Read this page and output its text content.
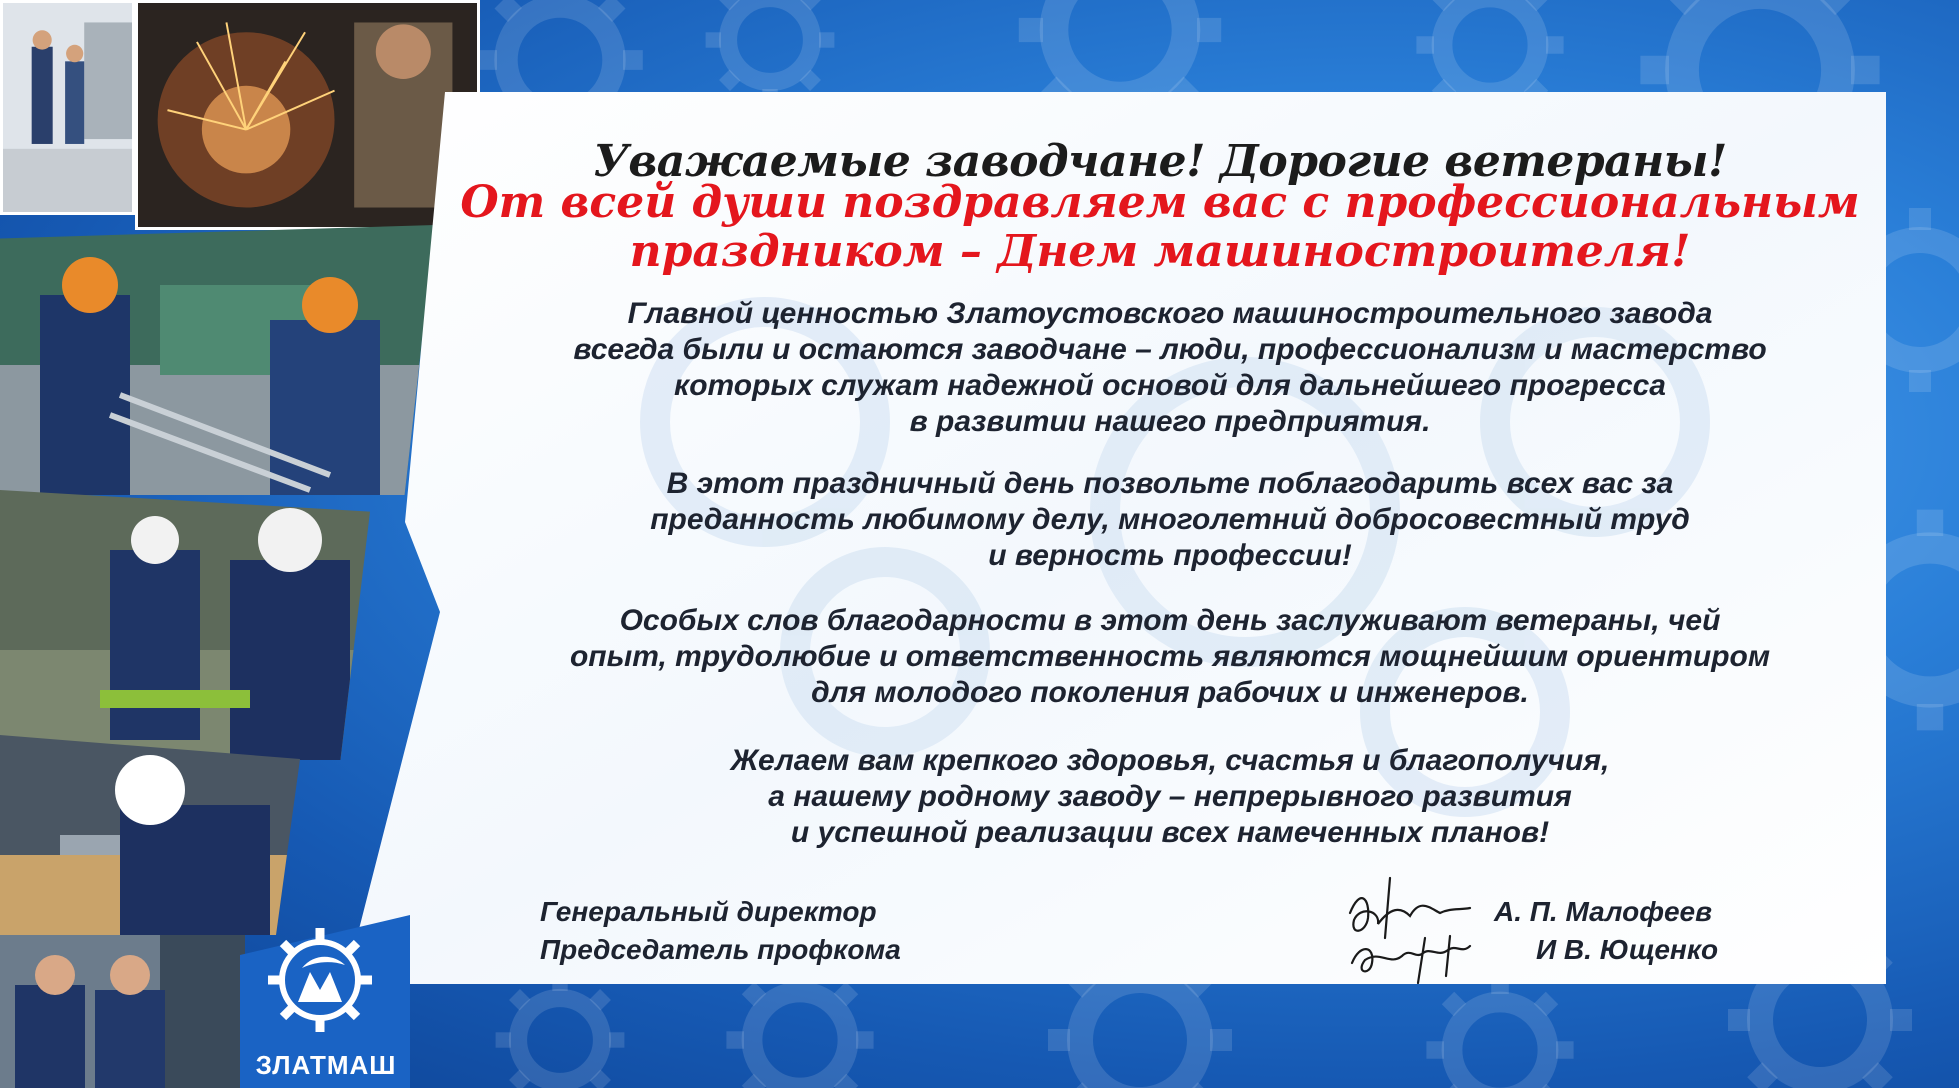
Уважаемые заводчане! Дорогие ветераны!
От всей души поздравляем вас с профессиональным
праздником – Днем машиностроителя!
Главной ценностью Златоустовского машиностроительного завода
всегда были и остаются заводчане – люди, профессионализм и мастерство
которых служат надежной основой для дальнейшего прогресса
в развитии нашего предприятия.
В этот праздничный день позвольте поблагодарить всех вас за
преданность любимому делу, многолетний добросовестный труд
и верность профессии!
Особых слов благодарности в этот день заслуживают ветераны, чей
опыт, трудолюбие и ответственность являются мощнейшим ориентиром
для молодого поколения рабочих и инженеров.
Желаем вам крепкого здоровья, счастья и благополучия,
а нашему родному заводу – непрерывного развития
и успешной реализации всех намеченных планов!
Генеральный директор
Председатель профкома
А. П. Малофеев
И В. Ющенко
ЗЛАТМАШ
